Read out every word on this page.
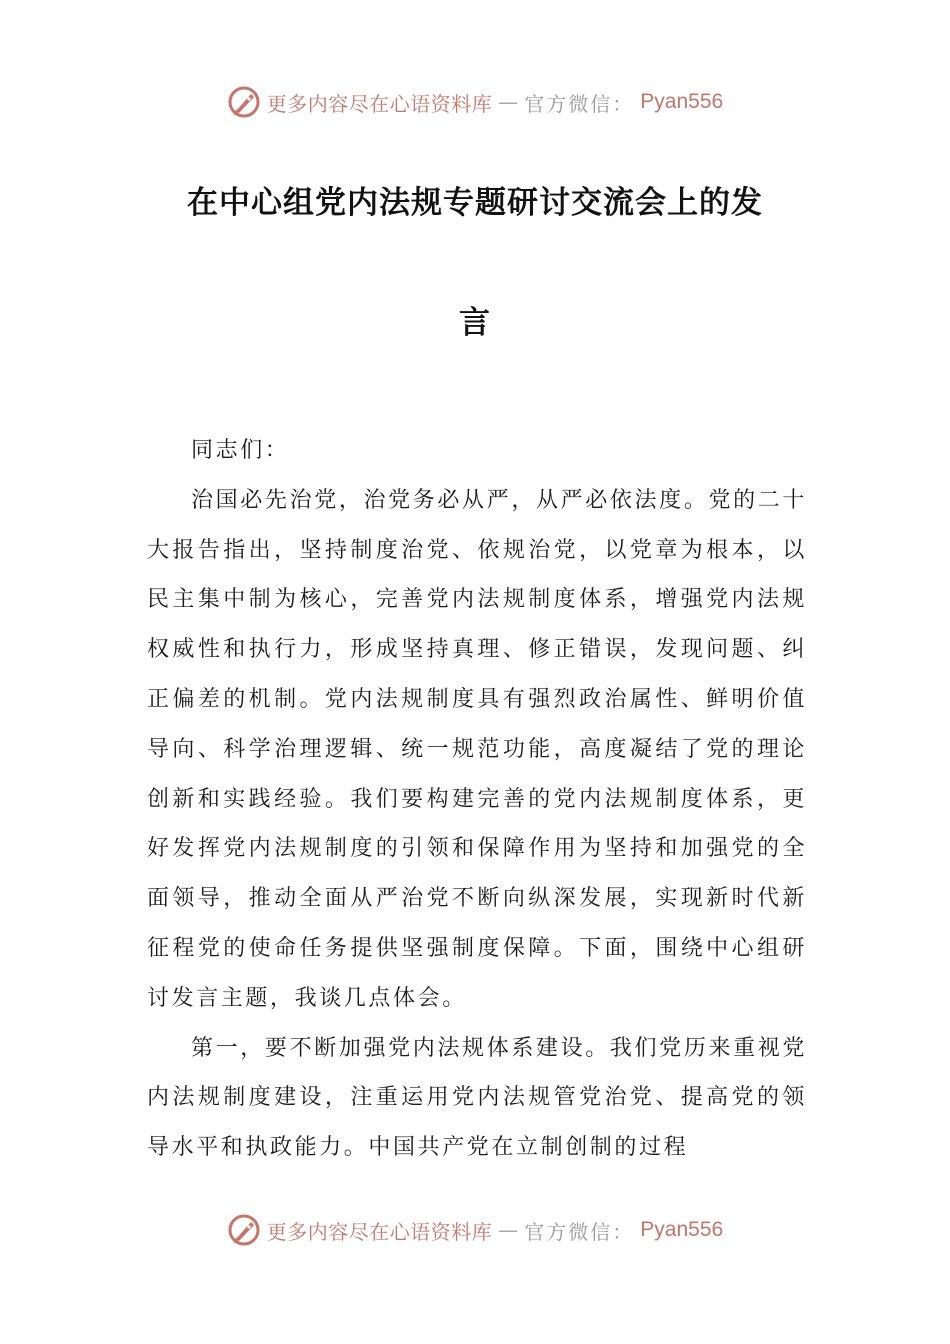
更多内容尽在心语资料库 — 官方微信： Pyan556
在中心组党内法规专题研讨交流会上的发
言

同志们：

治国必先治党，治党务必从严，从严必依法度。党的二十大报告指出，坚持制度治党、依规治党，以党章为根本，以民主集中制为核心，完善党内法规制度体系，增强党内法规权威性和执行力，形成坚持真理、修正错误，发现问题、纠正偏差的机制。党内法规制度具有强烈政治属性、鲜明价值导向、科学治理逻辑、统一规范功能，高度凝结了党的理论创新和实践经验。我们要构建完善的党内法规制度体系，更好发挥党内法规制度的引领和保障作用为坚持和加强党的全面领导，推动全面从严治党不断向纵深发展，实现新时代新征程党的使命任务提供坚强制度保障。下面，围绕中心组研讨发言主题，我谈几点体会。

第一，要不断加强党内法规体系建设。我们党历来重视党内法规制度建设，注重运用党内法规管党治党、提高党的领导水平和执政能力。中国共产党在立制创制的过程

更多内容尽在心语资料库 — 官方微信： Pyan556
